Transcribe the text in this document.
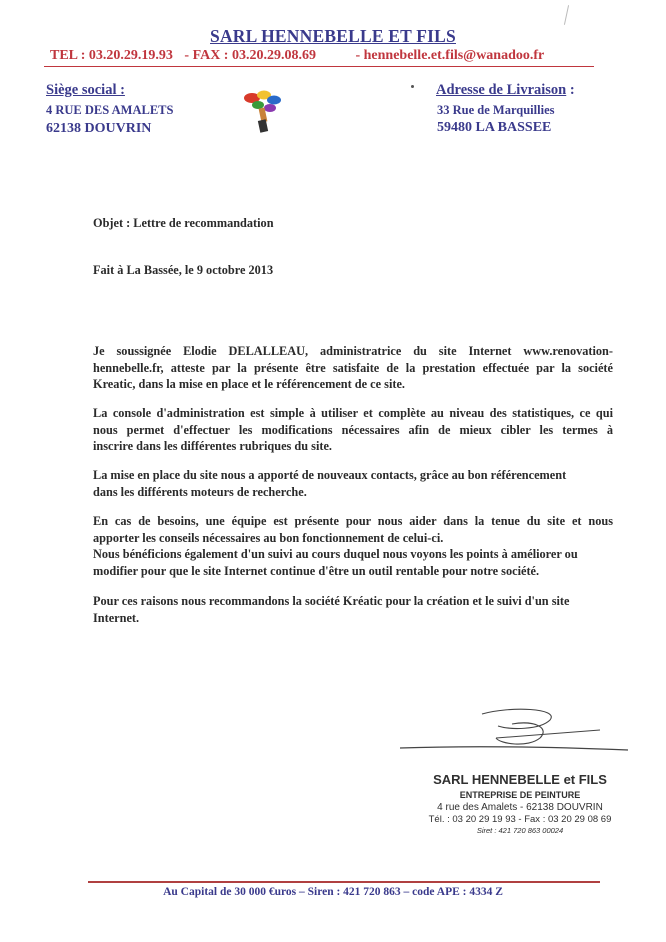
SARL HENNEBELLE ET FILS
TEL : 03.20.29.19.93 - FAX : 03.20.29.08.69	- hennebelle.et.fils@wanadoo.fr
Siège social :
4 RUE DES AMALETS
62138 DOUVRIN
Adresse de Livraison :
33 Rue de Marquillies
59480 LA BASSEE
Objet : Lettre de recommandation
Fait à La Bassée, le 9 octobre 2013
Je soussignée Elodie DELALLEAU, administratrice du site Internet www.renovation-
hennebelle.fr, atteste par la présente être satisfaite de la prestation effectuée par la société
Kreatic, dans la mise en place et le référencement de ce site.
La console d'administration est simple à utiliser et complète au niveau des statistiques, ce qui
nous permet d'effectuer les modifications nécessaires afin de mieux cibler les termes à
inscrire dans les différentes rubriques du site.
La mise en place du site nous a apporté de nouveaux contacts, grâce au bon référencement
dans les différents moteurs de recherche.
En cas de besoins, une équipe est présente pour nous aider dans la tenue du site et nous
apporter les conseils nécessaires au bon fonctionnement de celui-ci.
Nous bénéficions également d'un suivi au cours duquel nous voyons les points à améliorer ou
modifier pour que le site Internet continue d'être un outil rentable pour notre société.
Pour ces raisons nous recommandons la société Kréatic pour la création et le suivi d'un site
Internet.
SARL HENNEBELLE et FILS
ENTREPRISE DE PEINTURE
4 rue des Amalets - 62138 DOUVRIN
Tél. : 03 20 29 19 93 - Fax : 03 20 29 08 69
Siret : 421 720 863 00024
Au Capital de 30 000 €uros – Siren : 421 720 863 – code APE : 4334 Z
